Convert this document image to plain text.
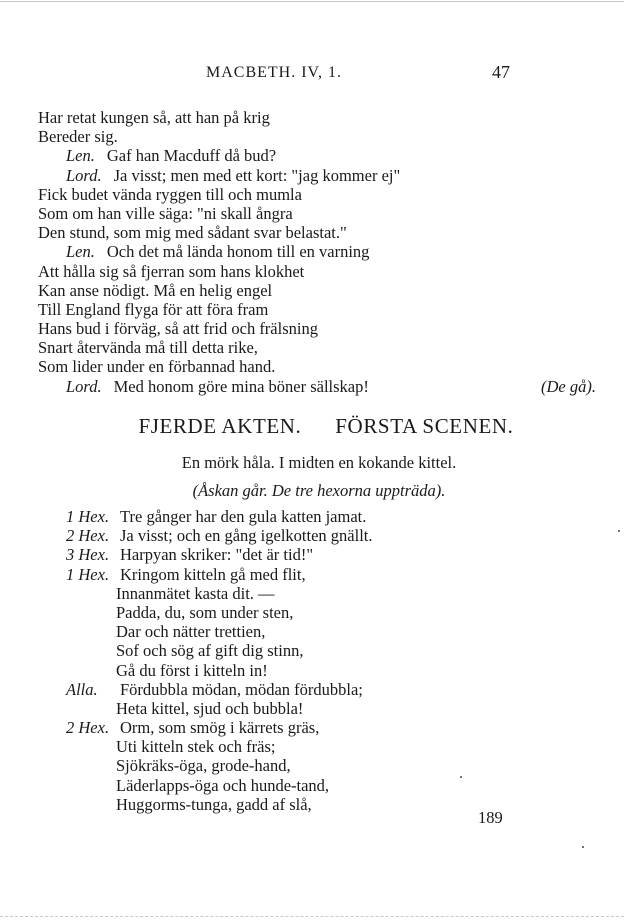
MACBETH. IV, 1.	47
Har retat kungen så, att han på krig
Bereder sig.
Len. Gaf han Macduff då bud?
Lord. Ja visst; men med ett kort: "jag kommer ej"
Fick budet vända ryggen till och mumla
Som om han ville säga: "ni skall ångra
Den stund, som mig med sådant svar belastat."
Len. Och det må lända honom till en varning
Att hålla sig så fjerran som hans klokhet
Kan anse nödigt. Må en helig engel
Till England flyga för att föra fram
Hans bud i förväg, så att frid och frälsning
Snart återvända må till detta rike,
Som lider under en förbannad hand.
Lord. Med honom göre mina böner sällskap!	(De gå).
FJERDE AKTEN. FÖRSTA SCENEN.
En mörk håla. I midten en kokande kittel.
(Åskan går. De tre hexorna uppträda).
1 Hex. Tre gånger har den gula katten jamat.
2 Hex. Ja visst; och en gång igelkotten gnällt.
3 Hex. Harpyan skriker: "det är tid!"
1 Hex. Kringom kitteln gå med flit,
Innanmätet kasta dit. —
Padda, du, som under sten,
Dar och nätter trettien,
Sof och sög af gift dig stinn,
Gå du först i kitteln in!
Alla. Fördubbla mödan, mödan fördubbla;
Heta kittel, sjud och bubbla!
2 Hex. Orm, som smög i kärrets gräs,
Uti kitteln stek och fräs;
Sjökräks-öga, grode-hand,
Läderlapps-öga och hunde-tand,
Huggorms-tunga, gadd af slå,
189
